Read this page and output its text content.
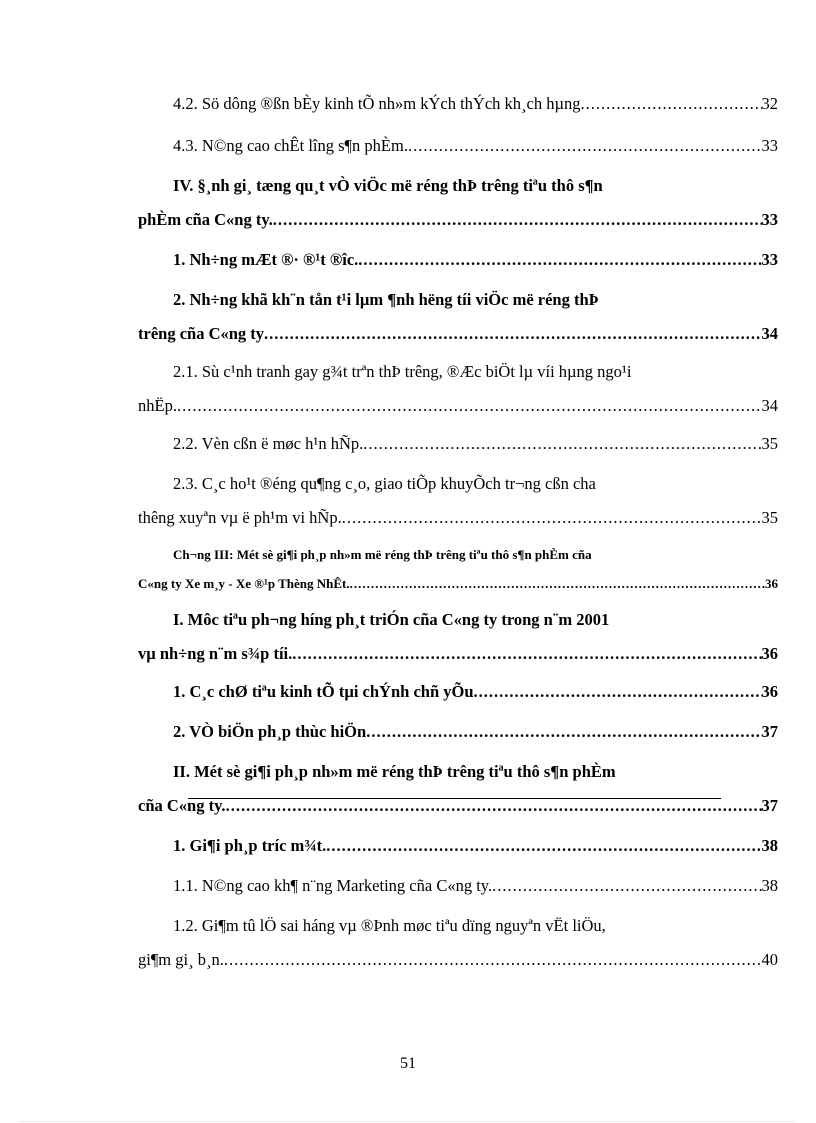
4.2. Sö dông ®ßn bÈy kinh tÕ nh»m kÝch thÝch kh¸ch hµng .....	32
4.3. N©ng cao chÊt lîng s¶n phÈm. .....	33
IV. §¸nh gi¸ tæng qu¸t vÒ viÖc më réng thÞ trêng tiªu thô s¶n
phÈm cña C«ng ty. .....	33
1. Nh÷ng mÆt ®· ®¹t ®îc. .....	33
2. Nh÷ng khã kh¨n tån t¹i lµm ¶nh hëng tíi viÖc më réng thÞ
trêng cña C«ng ty .....	34
2.1. Sù c¹nh tranh gay g¾t trªn thÞ trêng, ®Æc biÖt lµ víi hµng ngo¹i
nhËp. .....	34
2.2. Vèn cßn ë møc h¹n hÑp. .....	35
2.3. C¸c ho¹t ®éng qu¶ng c¸o, giao tiÕp khuyÕch tr¬ng cßn cha
thêng xuyªn vµ ë ph¹m vi hÑp. .....	35
Ch¬ng III: Mét sè gi¶i ph¸p nh»m më réng thÞ trêng tiªu thô s¶n phÈm cña
C«ng ty Xe m¸y - Xe ®¹p Thèng NhÊt. .....	36
I. Môc tiªu ph¬ng híng ph¸t triÓn cña C«ng ty trong n¨m 2001
vµ nh÷ng n¨m s¾p tíi. .....	36
1. C¸c chØ tiªu kinh tÕ tµi chÝnh chñ yÕu .....	36
2. VÒ biÖn ph¸p thùc hiÖn .....	37
II. Mét sè gi¶i ph¸p nh»m më réng thÞ trêng tiªu thô s¶n phÈm
cña C«ng ty. .....	37
1. Gi¶i ph¸p tríc m¾t. .....	38
1.1. N©ng cao kh¶ n¨ng Marketing cña C«ng ty. .....	38
1.2. Gi¶m tû lÖ sai háng vµ ®Þnh møc tiªu dïng nguyªn vËt liÖu,
gi¶m gi¸ b¸n. .....	40
51
